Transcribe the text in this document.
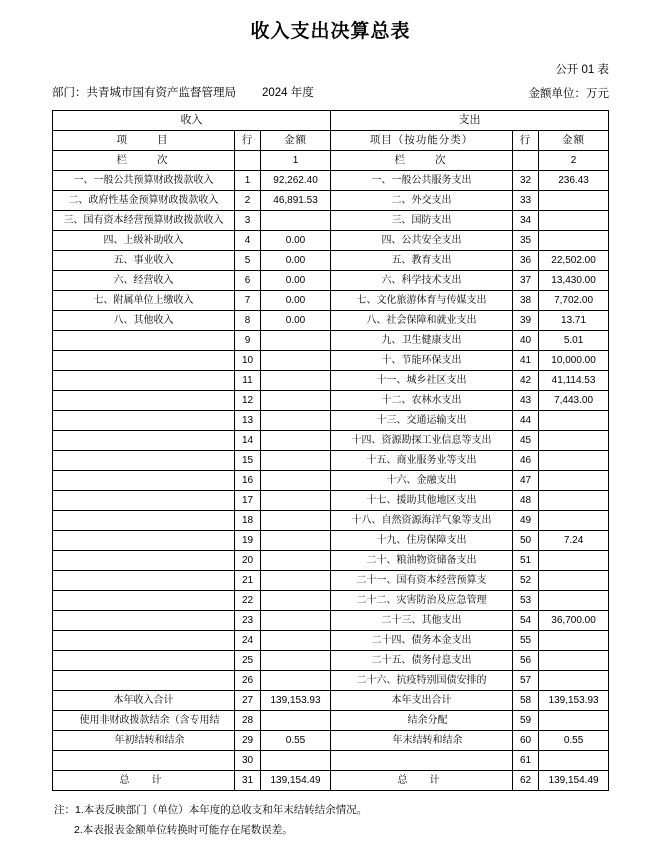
收入支出决算总表
公开 01 表
部门：共青城市国有资产监督管理局 2024 年度	金额单位：万元
收入			支出		
项　　目	行	金额	项目（按功能分类）	行	金额
栏　　次		1	栏　　次		2
一、一般公共预算财政拨款收入	1	92,262.40	一、一般公共服务支出	32	236.43
二、政府性基金预算财政拨款收入	2	46,891.53	二、外交支出	33	
三、国有资本经营预算财政拨款收入	3		三、国防支出	34	
四、上级补助收入	4	0.00	四、公共安全支出	35	
五、事业收入	5	0.00	五、教育支出	36	22,502.00
六、经营收入	6	0.00	六、科学技术支出	37	13,430.00
七、附属单位上缴收入	7	0.00	七、文化旅游体育与传媒支出	38	7,702.00
八、其他收入	8	0.00	八、社会保障和就业支出	39	13.71
	9		九、卫生健康支出	40	5.01
	10		十、节能环保支出	41	10,000.00
	11		十一、城乡社区支出	42	41,114.53
	12		十二、农林水支出	43	7,443.00
	13		十三、交通运输支出	44	
	14		十四、资源勘探工业信息等支出	45	
	15		十五、商业服务业等支出	46	
	16		十六、金融支出	47	
	17		十七、援助其他地区支出	48	
	18		十八、自然资源海洋气象等支出	49	
	19		十九、住房保障支出	50	7.24
	20		二十、粮油物资储备支出	51	
	21		二十一、国有资本经营预算支	52	
	22		二十二、灾害防治及应急管理	53	
	23		二十三、其他支出	54	36,700.00
	24		二十四、债务本金支出	55	
	25		二十五、债务付息支出	56	
	26		二十六、抗疫特别国债安排的	57	
本年收入合计	27	139,153.93	本年支出合计	58	139,153.93
使用非财政拨款结余（含专用结	28		结余分配	59	
年初结转和结余	29	0.55	年末结转和结余	60	0.55
	30			61	
总　计	31	139,154.49	总　计	62	139,154.49
注：1.本表反映部门（单位）本年度的总收支和年末结转结余情况。
2.本表报表金额单位转换时可能存在尾数误差。
